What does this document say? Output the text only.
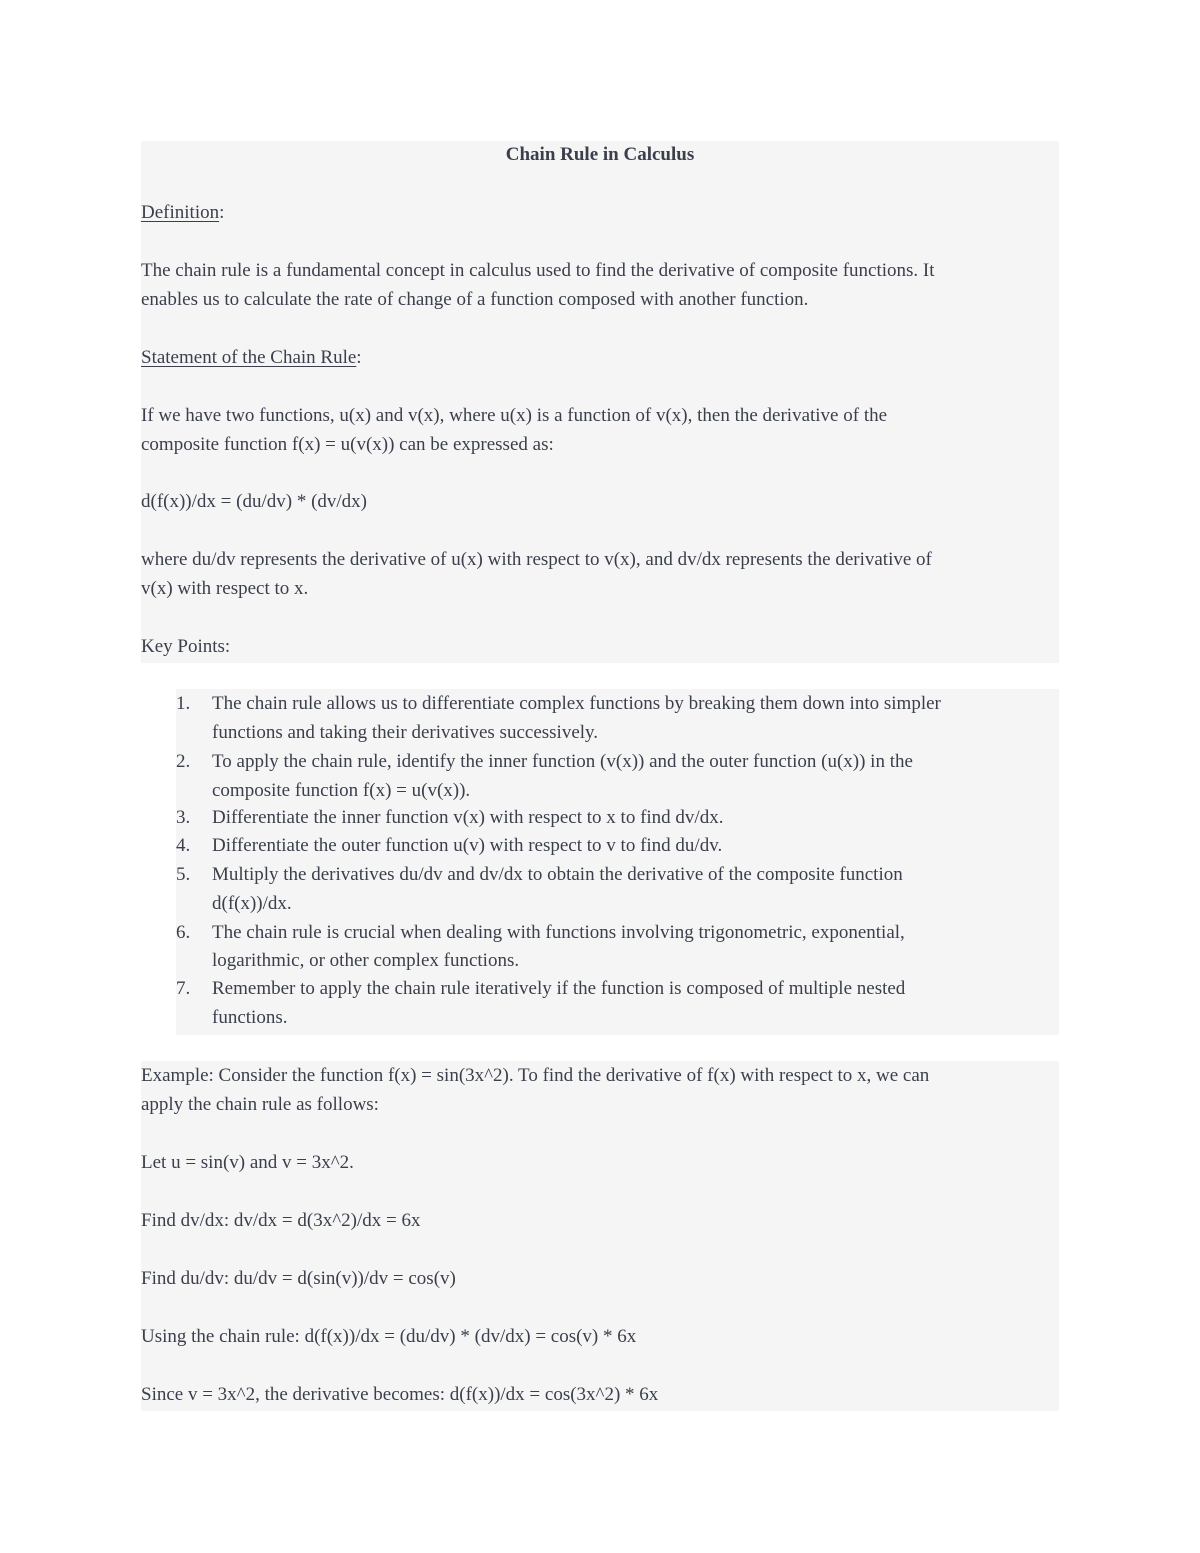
Chain Rule in Calculus
Definition:
The chain rule is a fundamental concept in calculus used to find the derivative of composite functions. It
enables us to calculate the rate of change of a function composed with another function.
Statement of the Chain Rule:
If we have two functions, u(x) and v(x), where u(x) is a function of v(x), then the derivative of the
composite function f(x) = u(v(x)) can be expressed as:
d(f(x))/dx = (du/dv) * (dv/dx)
where du/dv represents the derivative of u(x) with respect to v(x), and dv/dx represents the derivative of
v(x) with respect to x.
Key Points:
1.	The chain rule allows us to differentiate complex functions by breaking them down into simpler
functions and taking their derivatives successively.
2.	To apply the chain rule, identify the inner function (v(x)) and the outer function (u(x)) in the
composite function f(x) = u(v(x)).
3.	Differentiate the inner function v(x) with respect to x to find dv/dx.
4.	Differentiate the outer function u(v) with respect to v to find du/dv.
5.	Multiply the derivatives du/dv and dv/dx to obtain the derivative of the composite function
d(f(x))/dx.
6.	The chain rule is crucial when dealing with functions involving trigonometric, exponential,
logarithmic, or other complex functions.
7.	Remember to apply the chain rule iteratively if the function is composed of multiple nested
functions.
Example: Consider the function f(x) = sin(3x^2). To find the derivative of f(x) with respect to x, we can
apply the chain rule as follows:
Let u = sin(v) and v = 3x^2.
Find dv/dx: dv/dx = d(3x^2)/dx = 6x
Find du/dv: du/dv = d(sin(v))/dv = cos(v)
Using the chain rule: d(f(x))/dx = (du/dv) * (dv/dx) = cos(v) * 6x
Since v = 3x^2, the derivative becomes: d(f(x))/dx = cos(3x^2) * 6x
